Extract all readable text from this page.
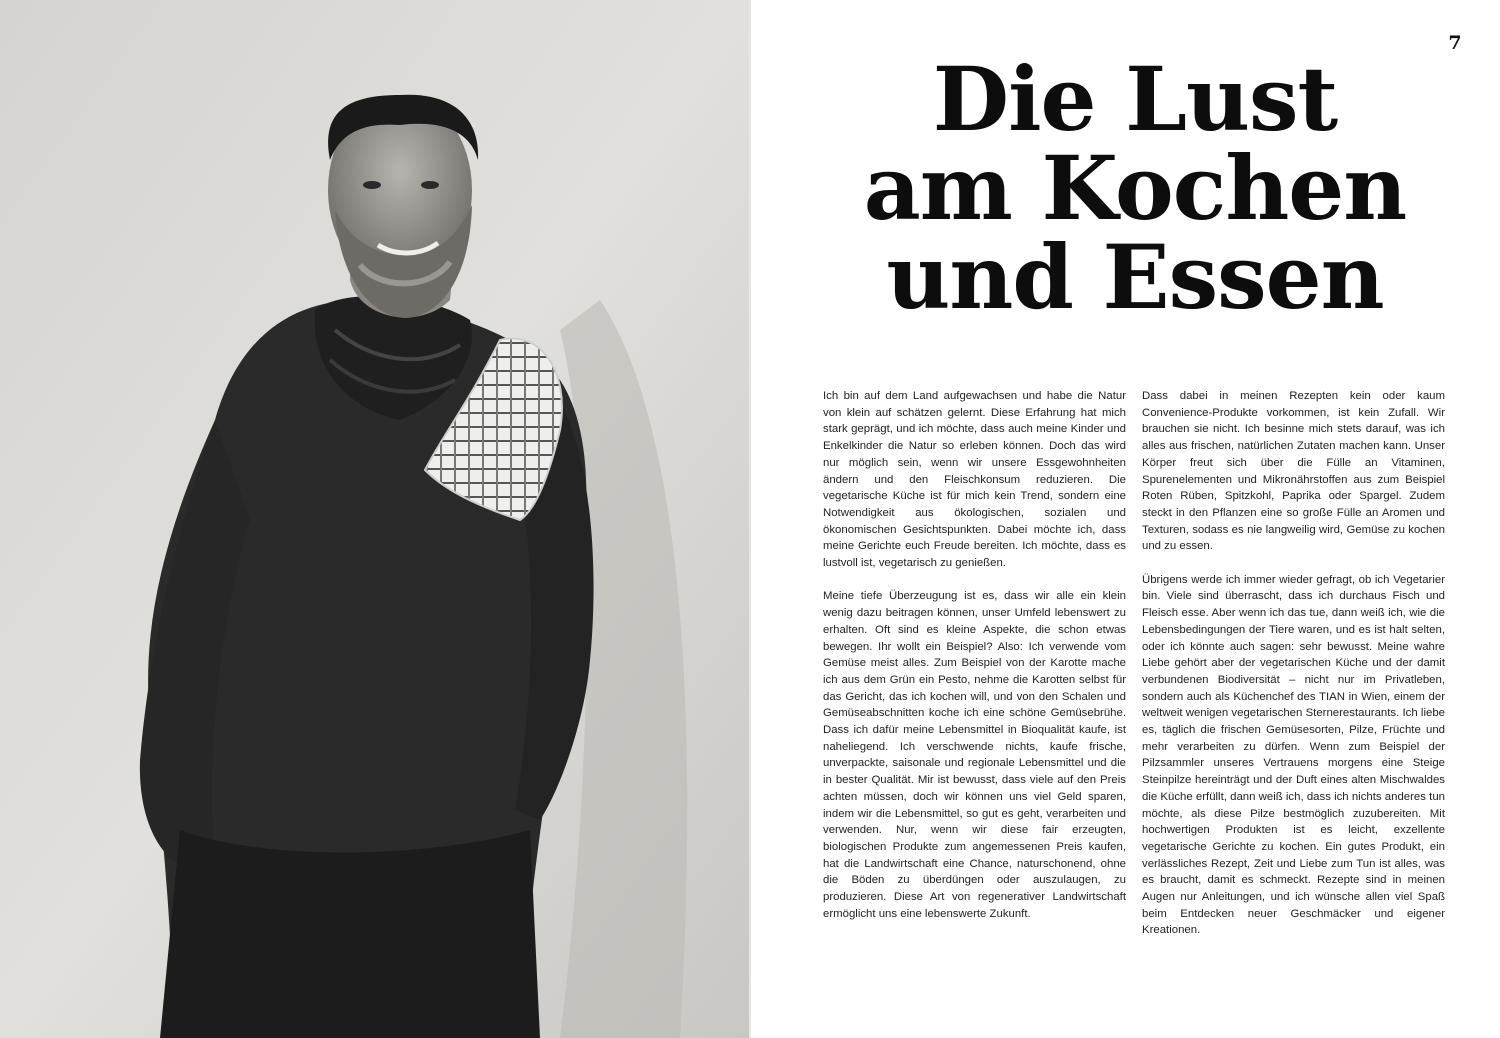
7
Die Lust
am Kochen
und Essen

Ich bin auf dem Land aufgewachsen und habe die Natur von klein auf schätzen gelernt. Diese Erfahrung hat mich stark geprägt, und ich möchte, dass auch meine Kinder und Enkelkinder die Natur so erleben können. Doch das wird nur möglich sein, wenn wir unsere Essgewohnheiten ändern und den Fleischkonsum reduzieren. Die vegetarische Küche ist für mich kein Trend, sondern eine Notwendigkeit aus ökologischen, sozialen und ökonomischen Gesichtspunkten. Dabei möchte ich, dass meine Gerichte euch Freude bereiten. Ich möchte, dass es lustvoll ist, vegetarisch zu genießen.

Meine tiefe Überzeugung ist es, dass wir alle ein klein wenig dazu beitragen können, unser Umfeld lebenswert zu erhalten. Oft sind es kleine Aspekte, die schon etwas bewegen. Ihr wollt ein Beispiel? Also: Ich verwende vom Gemüse meist alles. Zum Beispiel von der Karotte mache ich aus dem Grün ein Pesto, nehme die Karotten selbst für das Gericht, das ich kochen will, und von den Schalen und Gemüseabschnitten koche ich eine schöne Gemüsebrühe. Dass ich dafür meine Lebensmittel in Bioqualität kaufe, ist naheliegend. Ich verschwende nichts, kaufe frische, unverpackte, saisonale und regionale Lebensmittel und die in bester Qualität. Mir ist bewusst, dass viele auf den Preis achten müssen, doch wir können uns viel Geld sparen, indem wir die Lebensmittel, so gut es geht, verarbeiten und verwenden. Nur, wenn wir diese fair erzeugten, biologischen Produkte zum angemessenen Preis kaufen, hat die Landwirtschaft eine Chance, naturschonend, ohne die Böden zu überdüngen oder auszulaugen, zu produzieren. Diese Art von regenerativer Landwirtschaft ermöglicht uns eine lebenswerte Zukunft.

Dass dabei in meinen Rezepten kein oder kaum Convenience-Produkte vorkommen, ist kein Zufall. Wir brauchen sie nicht. Ich besinne mich stets darauf, was ich alles aus frischen, natürlichen Zutaten machen kann. Unser Körper freut sich über die Fülle an Vitaminen, Spurenelementen und Mikronährstoffen aus zum Beispiel Roten Rüben, Spitzkohl, Paprika oder Spargel. Zudem steckt in den Pflanzen eine so große Fülle an Aromen und Texturen, sodass es nie langweilig wird, Gemüse zu kochen und zu essen.

Übrigens werde ich immer wieder gefragt, ob ich Vegetarier bin. Viele sind überrascht, dass ich durchaus Fisch und Fleisch esse. Aber wenn ich das tue, dann weiß ich, wie die Lebensbedingungen der Tiere waren, und es ist halt selten, oder ich könnte auch sagen: sehr bewusst. Meine wahre Liebe gehört aber der vegetarischen Küche und der damit verbundenen Biodiversität – nicht nur im Privatleben, sondern auch als Küchenchef des TIAN in Wien, einem der weltweit wenigen vegetarischen Sternerestaurants. Ich liebe es, täglich die frischen Gemüsesorten, Pilze, Früchte und mehr verarbeiten zu dürfen. Wenn zum Beispiel der Pilzsammler unseres Vertrauens morgens eine Steige Steinpilze hereinträgt und der Duft eines alten Mischwaldes die Küche erfüllt, dann weiß ich, dass ich nichts anderes tun möchte, als diese Pilze bestmöglich zuzubereiten. Mit hochwertigen Produkten ist es leicht, exzellente vegetarische Gerichte zu kochen. Ein gutes Produkt, ein verlässliches Rezept, Zeit und Liebe zum Tun ist alles, was es braucht, damit es schmeckt. Rezepte sind in meinen Augen nur Anleitungen, und ich wünsche allen viel Spaß beim Entdecken neuer Geschmäcker und eigener Kreationen.
